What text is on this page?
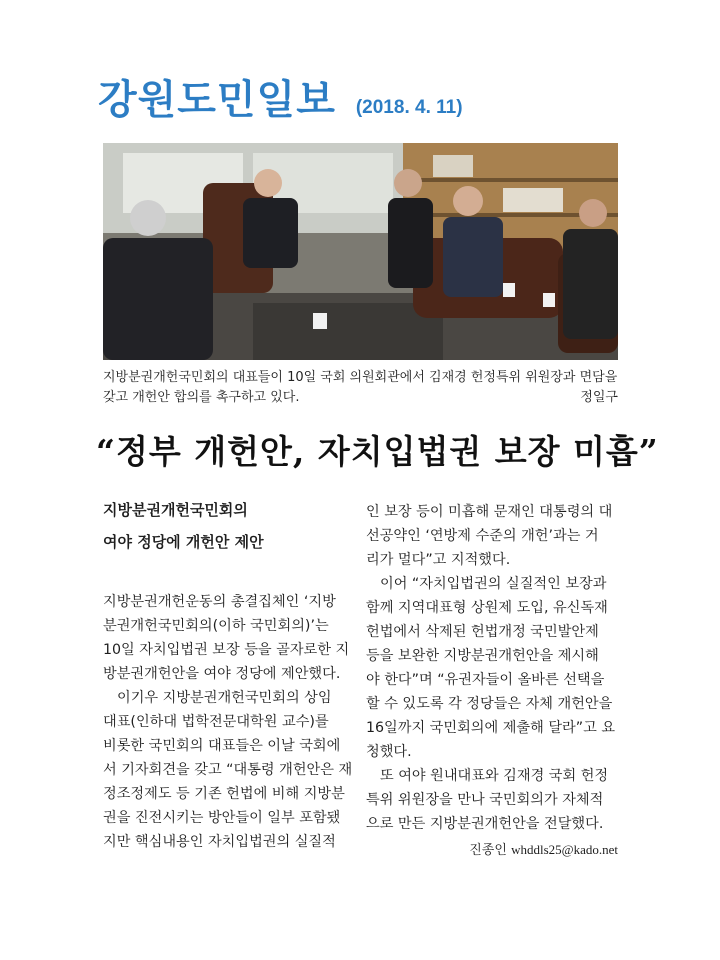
강원도민일보 (2018. 4. 11)
지방분권개헌국민회의 대표들이 10일 국회 의원회관에서 김재경 헌정특위 위원장과 면담을 갖고 개헌안 합의를 촉구하고 있다.	정일구
“정부 개헌안, 자치입법권 보장 미흡”
지방분권개헌국민회의
여야 정당에 개헌안 제안
지방분권개헌운동의 총결집체인 ‘지방
분권개헌국민회의(이하 국민회의)’는
10일 자치입법권 보장 등을 골자로한 지
방분권개헌안을 여야 정당에 제안했다.
이기우 지방분권개헌국민회의 상임
대표(인하대 법학전문대학원 교수)를
비롯한 국민회의 대표들은 이날 국회에
서 기자회견을 갖고 “대통령 개헌안은 재
정조정제도 등 기존 헌법에 비해 지방분
권을 진전시키는 방안들이 일부 포함됐
지만 핵심내용인 자치입법권의 실질적
인 보장 등이 미흡해 문재인 대통령의 대
선공약인 ‘연방제 수준의 개헌’과는 거
리가 멀다”고 지적했다.
이어 “자치입법권의 실질적인 보장과
함께 지역대표형 상원제 도입, 유신독재
헌법에서 삭제된 헌법개정 국민발안제
등을 보완한 지방분권개헌안을 제시해
야 한다”며 “유권자들이 올바른 선택을
할 수 있도록 각 정당들은 자체 개헌안을
16일까지 국민회의에 제출해 달라”고 요
청했다.
또 여야 원내대표와 김재경 국회 헌정
특위 위원장을 만나 국민회의가 자체적
으로 만든 지방분권개헌안을 전달했다.
진종인 whddls25@kado.net
